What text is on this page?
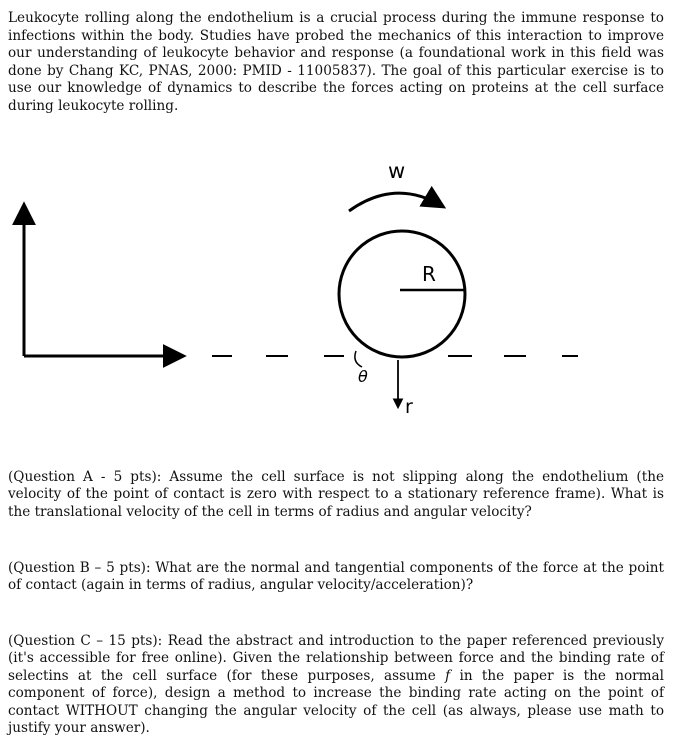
Leukocyte rolling along the endothelium is a crucial process during the immune response to infections within the body. Studies have probed the mechanics of this interaction to improve our understanding of leukocyte behavior and response (a foundational work in this field was done by Chang KC, PNAS, 2000: PMID - 11005837). The goal of this particular exercise is to use our knowledge of dynamics to describe the forces acting on proteins at the cell surface during leukocyte rolling.

R
w
θ
r

(Question A - 5 pts): Assume the cell surface is not slipping along the endothelium (the velocity of the point of contact is zero with respect to a stationary reference frame). What is the translational velocity of the cell in terms of radius and angular velocity?

(Question B – 5 pts): What are the normal and tangential components of the force at the point of contact (again in terms of radius, angular velocity/acceleration)?

(Question C – 15 pts): Read the abstract and introduction to the paper referenced previously (it's accessible for free online). Given the relationship between force and the binding rate of selectins at the cell surface (for these purposes, assume f in the paper is the normal component of force), design a method to increase the binding rate acting on the point of contact WITHOUT changing the angular velocity of the cell (as always, please use math to justify your answer).
